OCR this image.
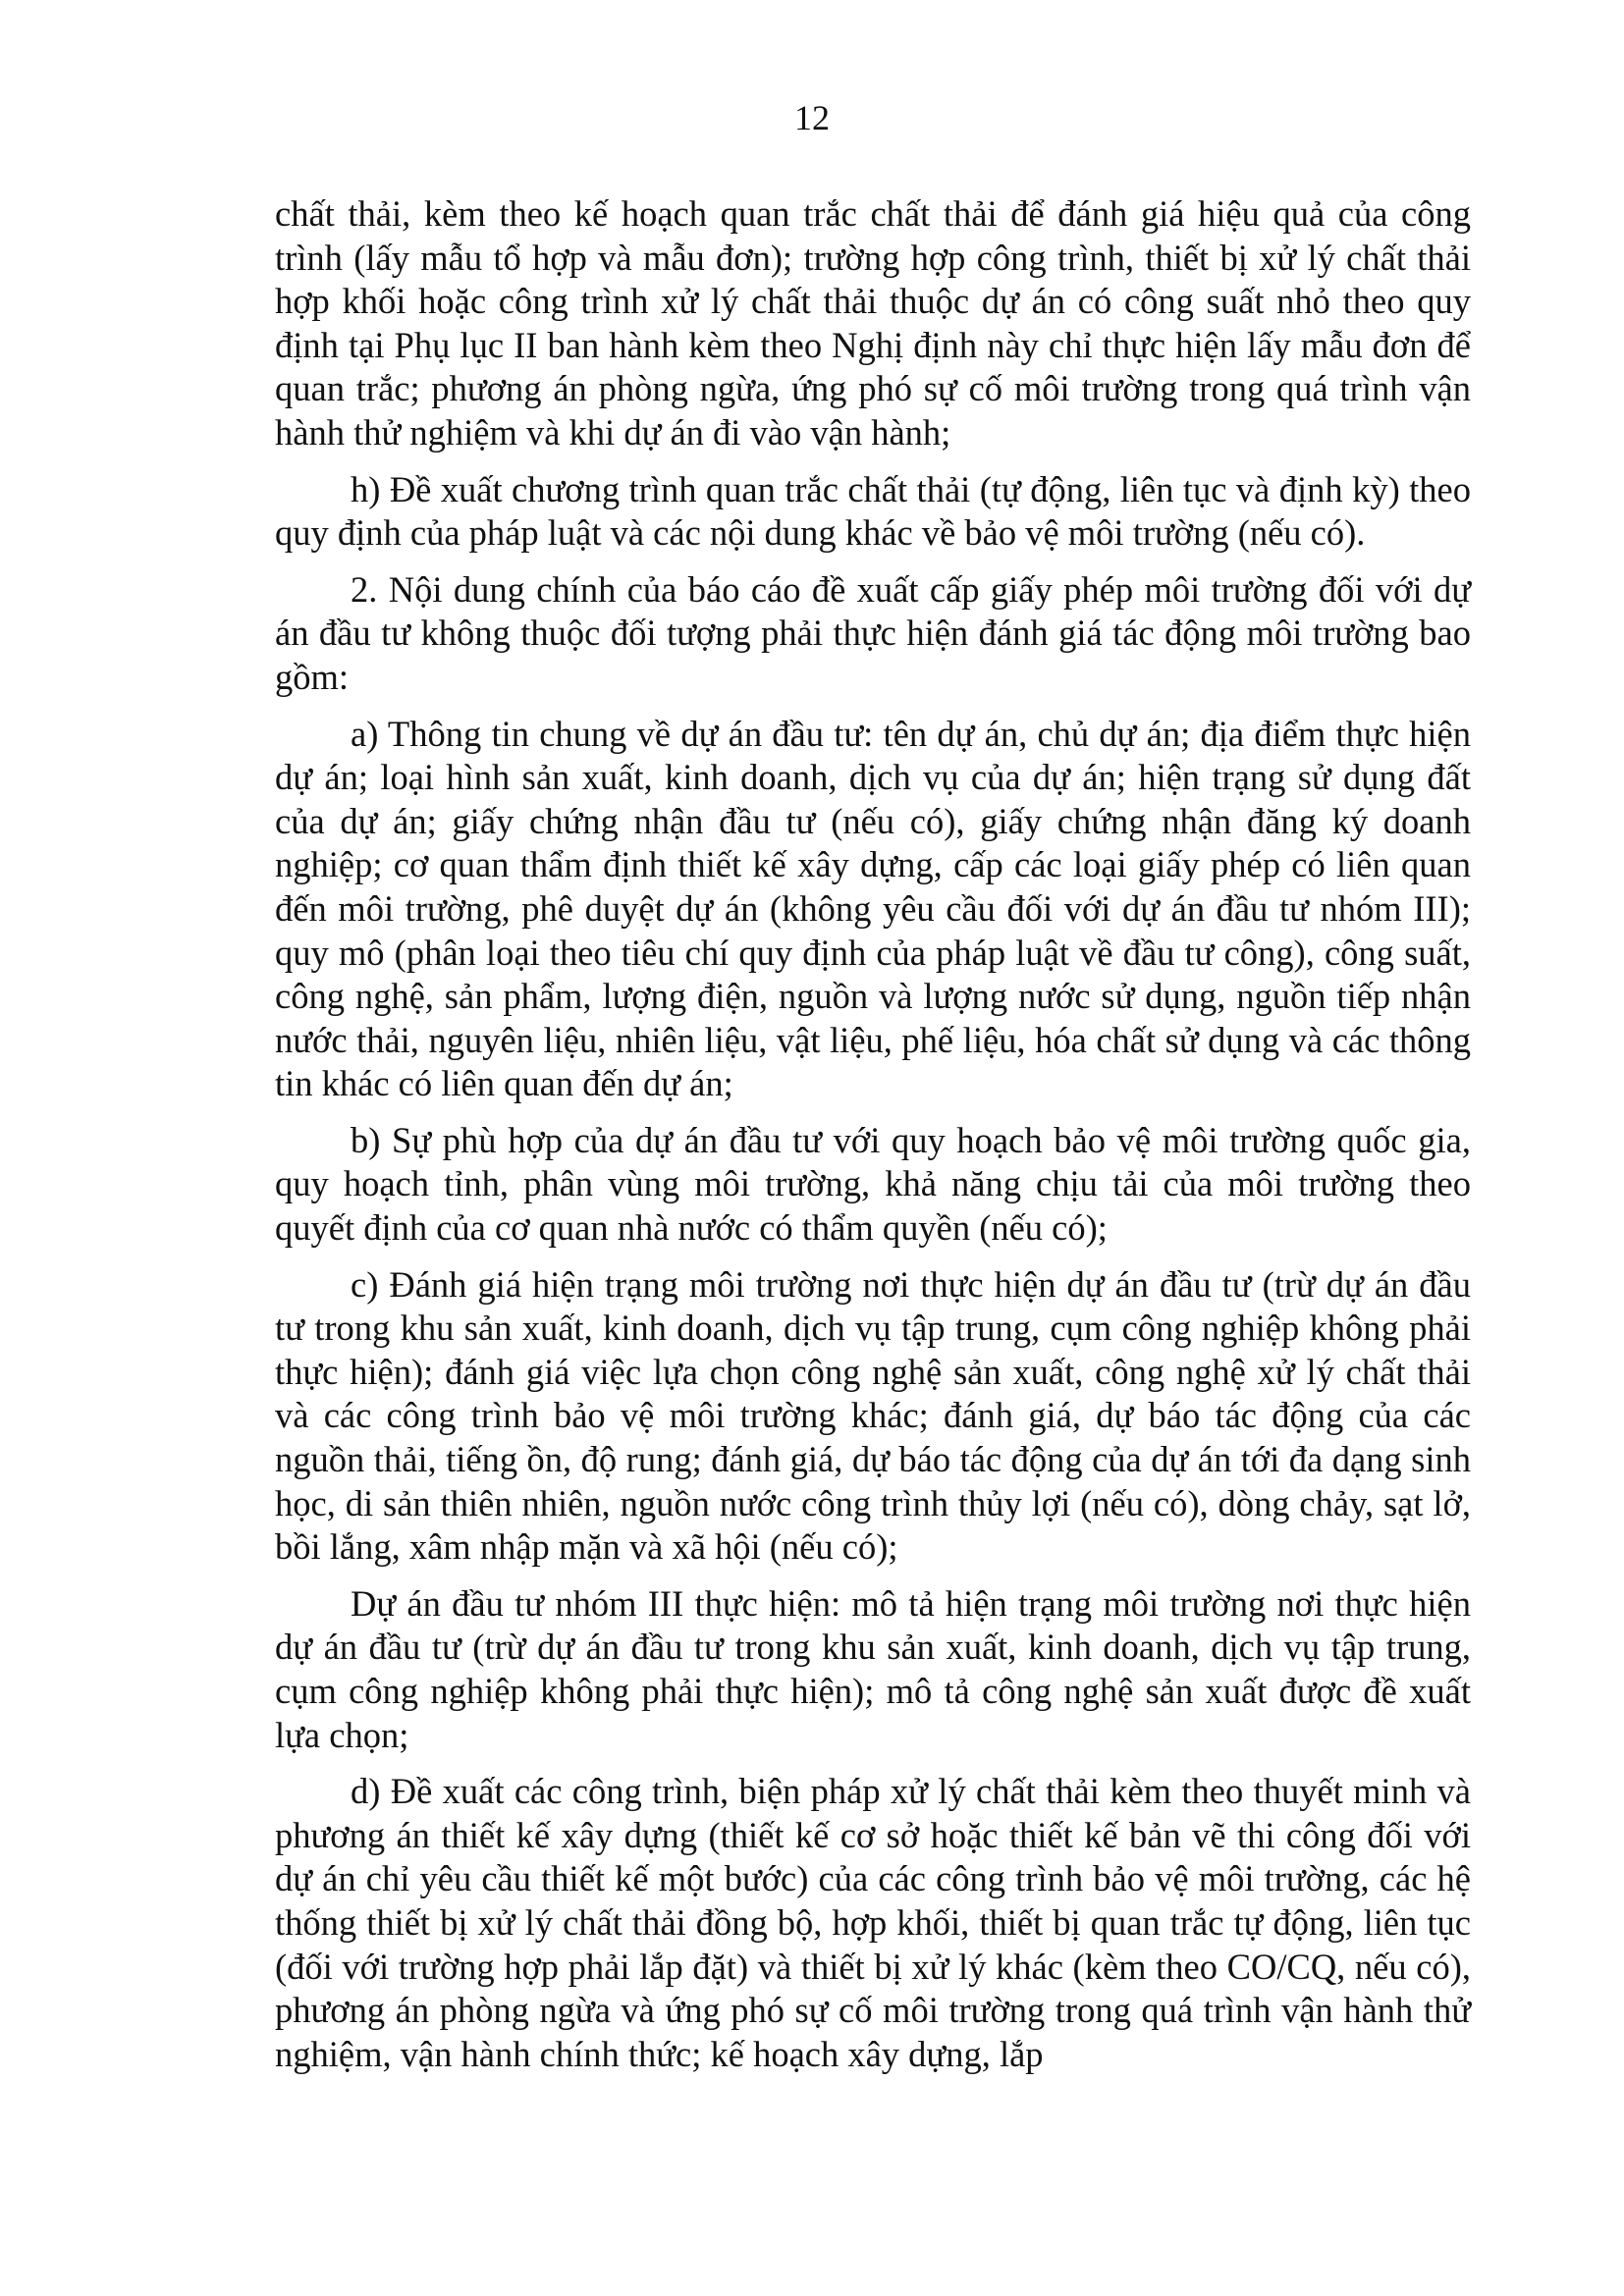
12

chất thải, kèm theo kế hoạch quan trắc chất thải để đánh giá hiệu quả của công trình (lấy mẫu tổ hợp và mẫu đơn); trường hợp công trình, thiết bị xử lý chất thải hợp khối hoặc công trình xử lý chất thải thuộc dự án có công suất nhỏ theo quy định tại Phụ lục II ban hành kèm theo Nghị định này chỉ thực hiện lấy mẫu đơn để quan trắc; phương án phòng ngừa, ứng phó sự cố môi trường trong quá trình vận hành thử nghiệm và khi dự án đi vào vận hành;

h) Đề xuất chương trình quan trắc chất thải (tự động, liên tục và định kỳ) theo quy định của pháp luật và các nội dung khác về bảo vệ môi trường (nếu có).

2. Nội dung chính của báo cáo đề xuất cấp giấy phép môi trường đối với dự án đầu tư không thuộc đối tượng phải thực hiện đánh giá tác động môi trường bao gồm:

a) Thông tin chung về dự án đầu tư: tên dự án, chủ dự án; địa điểm thực hiện dự án; loại hình sản xuất, kinh doanh, dịch vụ của dự án; hiện trạng sử dụng đất của dự án; giấy chứng nhận đầu tư (nếu có), giấy chứng nhận đăng ký doanh nghiệp; cơ quan thẩm định thiết kế xây dựng, cấp các loại giấy phép có liên quan đến môi trường, phê duyệt dự án (không yêu cầu đối với dự án đầu tư nhóm III); quy mô (phân loại theo tiêu chí quy định của pháp luật về đầu tư công), công suất, công nghệ, sản phẩm, lượng điện, nguồn và lượng nước sử dụng, nguồn tiếp nhận nước thải, nguyên liệu, nhiên liệu, vật liệu, phế liệu, hóa chất sử dụng và các thông tin khác có liên quan đến dự án;

b) Sự phù hợp của dự án đầu tư với quy hoạch bảo vệ môi trường quốc gia, quy hoạch tỉnh, phân vùng môi trường, khả năng chịu tải của môi trường theo quyết định của cơ quan nhà nước có thẩm quyền (nếu có);

c) Đánh giá hiện trạng môi trường nơi thực hiện dự án đầu tư (trừ dự án đầu tư trong khu sản xuất, kinh doanh, dịch vụ tập trung, cụm công nghiệp không phải thực hiện); đánh giá việc lựa chọn công nghệ sản xuất, công nghệ xử lý chất thải và các công trình bảo vệ môi trường khác; đánh giá, dự báo tác động của các nguồn thải, tiếng ồn, độ rung; đánh giá, dự báo tác động của dự án tới đa dạng sinh học, di sản thiên nhiên, nguồn nước công trình thủy lợi (nếu có), dòng chảy, sạt lở, bồi lắng, xâm nhập mặn và xã hội (nếu có);

Dự án đầu tư nhóm III thực hiện: mô tả hiện trạng môi trường nơi thực hiện dự án đầu tư (trừ dự án đầu tư trong khu sản xuất, kinh doanh, dịch vụ tập trung, cụm công nghiệp không phải thực hiện); mô tả công nghệ sản xuất được đề xuất lựa chọn;

d) Đề xuất các công trình, biện pháp xử lý chất thải kèm theo thuyết minh và phương án thiết kế xây dựng (thiết kế cơ sở hoặc thiết kế bản vẽ thi công đối với dự án chỉ yêu cầu thiết kế một bước) của các công trình bảo vệ môi trường, các hệ thống thiết bị xử lý chất thải đồng bộ, hợp khối, thiết bị quan trắc tự động, liên tục (đối với trường hợp phải lắp đặt) và thiết bị xử lý khác (kèm theo CO/CQ, nếu có), phương án phòng ngừa và ứng phó sự cố môi trường trong quá trình vận hành thử nghiệm, vận hành chính thức; kế hoạch xây dựng, lắp
